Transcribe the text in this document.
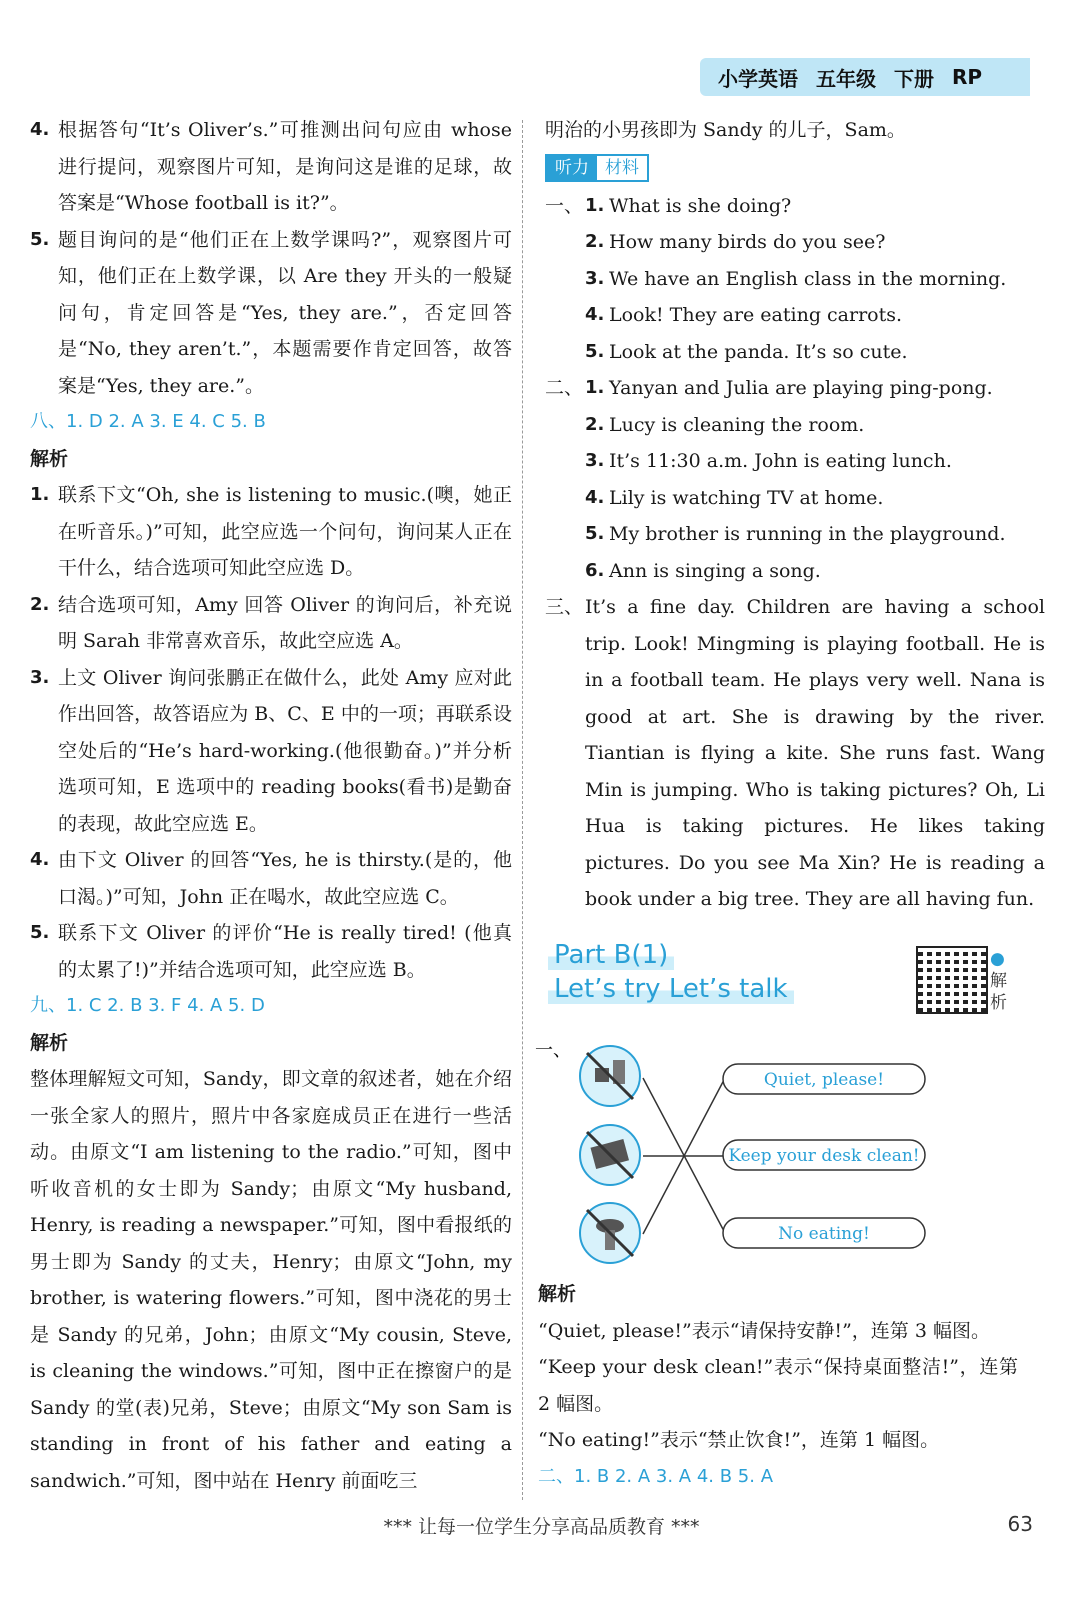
小学英语 五年级 下册 RP
4. 根据答句“It’s Oliver’s.”可推测出问句应由 whose 进行提问，观察图片可知，是询问这是谁的足球，故答案是“Whose football is it?”。
5. 题目询问的是“他们正在上数学课吗?”，观察图片可知，他们正在上数学课，以 Are they 开头的一般疑问句，肯定回答是“Yes, they are.”，否定回答是“No, they aren’t.”，本题需要作肯定回答，故答案是“Yes, they are.”。

八、1. D 2. A 3. E 4. C 5. B

解析

1. 联系下文“Oh, she is listening to music.(噢，她正在听音乐。)”可知，此空应选一个问句，询问某人正在干什么，结合选项可知此空应选 D。
2. 结合选项可知，Amy 回答 Oliver 的询问后，补充说明 Sarah 非常喜欢音乐，故此空应选 A。
3. 上文 Oliver 询问张鹏正在做什么，此处 Amy 应对此作出回答，故答语应为 B、C、E 中的一项；再联系设空处后的“He’s hard-working.(他很勤奋。)”并分析选项可知，E 选项中的 reading books(看书)是勤奋的表现，故此空应选 E。
4. 由下文 Oliver 的回答“Yes, he is thirsty.(是的，他口渴。)”可知，John 正在喝水，故此空应选 C。
5. 联系下文 Oliver 的评价“He is really tired! (他真的太累了!)”并结合选项可知，此空应选 B。

九、1. C 2. B 3. F 4. A 5. D

解析

整体理解短文可知，Sandy，即文章的叙述者，她在介绍一张全家人的照片，照片中各家庭成员正在进行一些活动。由原文“I am listening to the radio.”可知，图中听收音机的女士即为 Sandy；由原文“My husband, Henry, is reading a newspaper.”可知，图中看报纸的男士即为 Sandy 的丈夫，Henry；由原文“John, my brother, is watering flowers.”可知，图中浇花的男士是 Sandy 的兄弟，John；由原文“My cousin, Steve, is cleaning the windows.”可知，图中正在擦窗户的是 Sandy 的堂(表)兄弟，Steve；由原文“My son Sam is standing in front of his father and eating a sandwich.”可知，图中站在 Henry 前面吃三

明治的小男孩即为 Sandy 的儿子，Sam。

听力 材料
一、 1. What is she doing?
2. How many birds do you see?
3. We have an English class in the morning.
4. Look! They are eating carrots.
5. Look at the panda. It’s so cute.
二、 1. Yanyan and Julia are playing ping-pong.
2. Lucy is cleaning the room.
3. It’s 11:30 a.m. John is eating lunch.
4. Lily is watching TV at home.
5. My brother is running in the playground.
6. Ann is singing a song.
三、 It’s a fine day. Children are having a school trip. Look! Mingming is playing football. He is in a football team. He plays very well. Nana is good at art. She is drawing by the river. Tiantian is flying a kite. She runs fast. Wang Min is jumping. Who is taking pictures? Oh, Li Hua is taking pictures. He likes taking pictures. Do you see Ma Xin? He is reading a book under a big tree. They are all having fun.

Part B(1)
Let’s try Let’s talk
●解析
一、
Quiet, please!
Keep your desk clean!
No eating!

解析

“Quiet, please!”表示“请保持安静!”，连第 3 幅图。

“Keep your desk clean!”表示“保持桌面整洁!”，连第 2 幅图。

“No eating!”表示“禁止饮食!”，连第 1 幅图。

二、1. B 2. A 3. A 4. B 5. A

*** 让每一位学生分享高品质教育 ***	63
